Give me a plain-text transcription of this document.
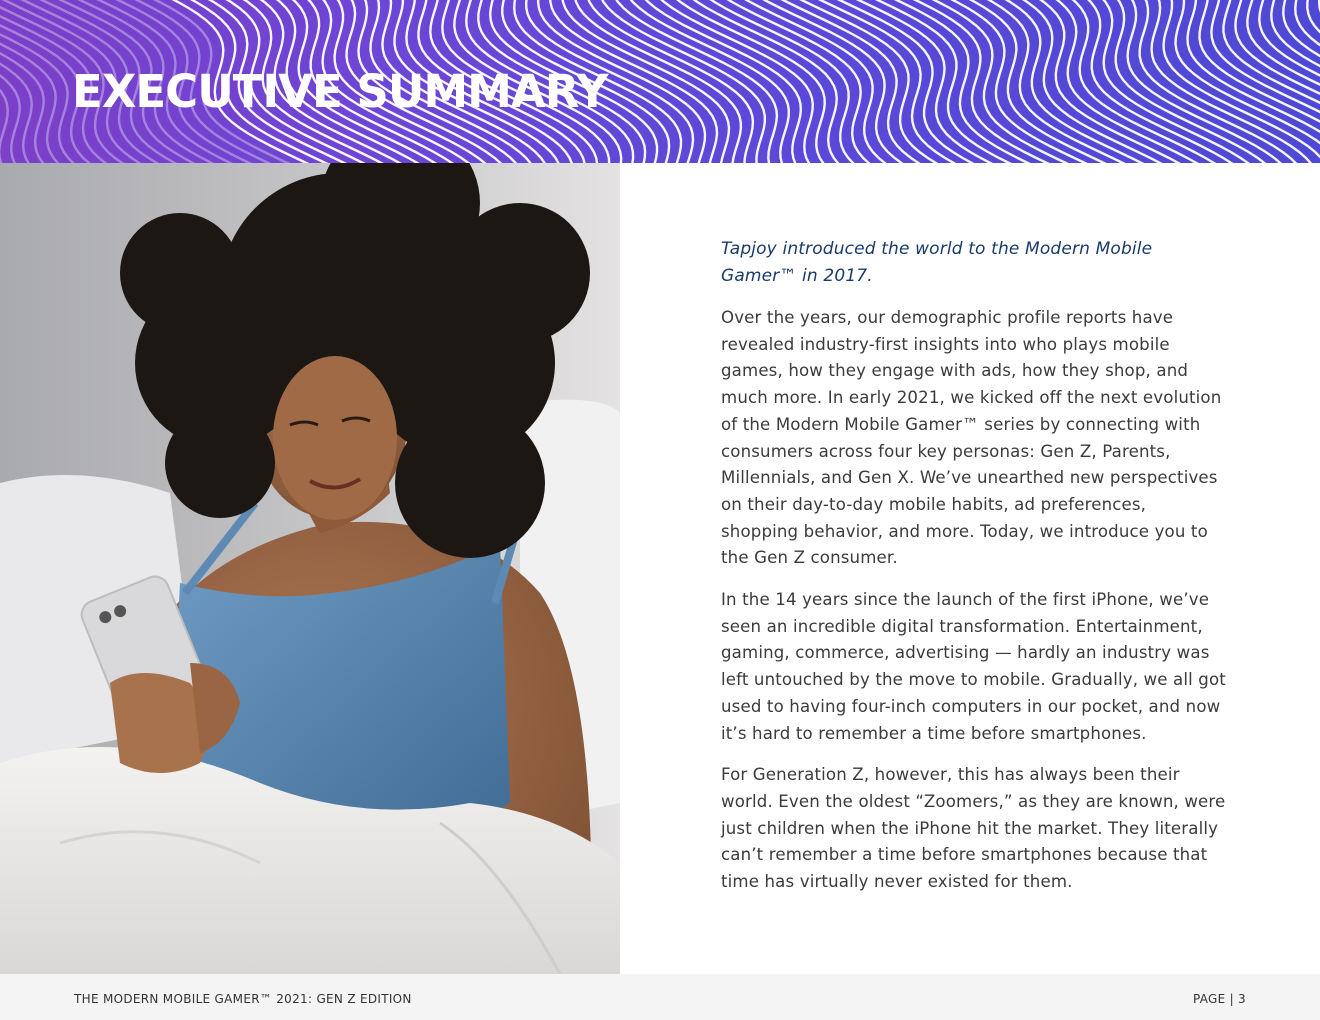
EXECUTIVE SUMMARY

Tapjoy introduced the world to the Modern Mobile Gamer™ in 2017.

Over the years, our demographic profile reports have revealed industry-first insights into who plays mobile games, how they engage with ads, how they shop, and much more. In early 2021, we kicked off the next evolution of the Modern Mobile Gamer™ series by connecting with consumers across four key personas: Gen Z, Parents, Millennials, and Gen X. We’ve unearthed new perspectives on their day-to-day mobile habits, ad preferences, shopping behavior, and more. Today, we introduce you to the Gen Z consumer.

In the 14 years since the launch of the first iPhone, we’ve seen an incredible digital transformation. Entertainment, gaming, commerce, advertising — hardly an industry was left untouched by the move to mobile. Gradually, we all got used to having four-inch computers in our pocket, and now it’s hard to remember a time before smartphones.

For Generation Z, however, this has always been their world. Even the oldest “Zoomers,” as they are known, were just children when the iPhone hit the market. They literally can’t remember a time before smartphones because that time has virtually never existed for them.

THE MODERN MOBILE GAMER™ 2021: GEN Z EDITION	PAGE | 3
